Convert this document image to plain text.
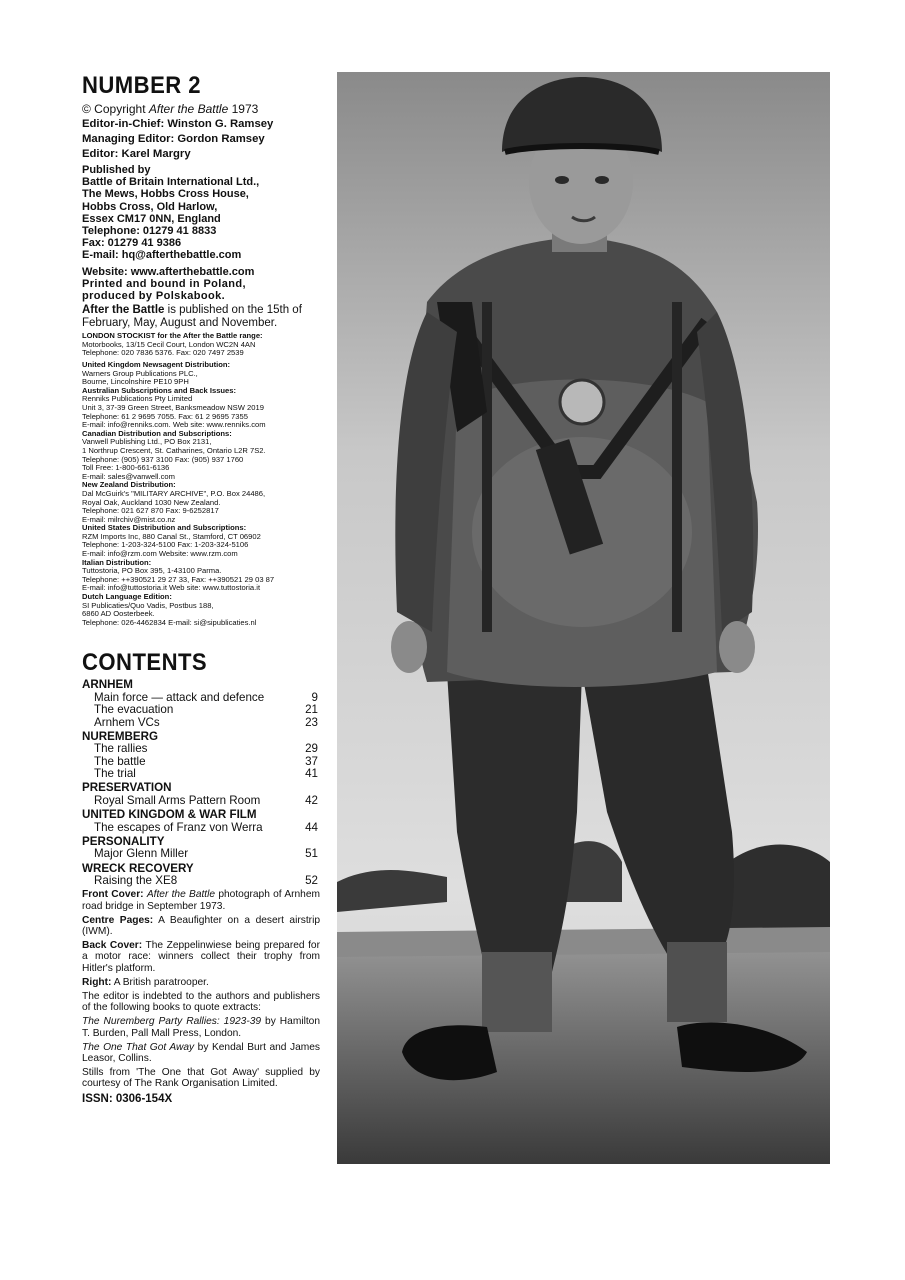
NUMBER 2

© Copyright After the Battle 1973

Editor-in-Chief: Winston G. Ramsey

Managing Editor: Gordon Ramsey

Editor: Karel Margry

Published by

Battle of Britain International Ltd.,

The Mews, Hobbs Cross House,

Hobbs Cross, Old Harlow,

Essex CM17 0NN, England

Telephone: 01279 41 8833

Fax: 01279 41 9386

E-mail: hq@afterthebattle.com

Website: www.afterthebattle.com

Printed and bound in Poland,

produced by Polskabook.

After the Battle is published on the 15th of February, May, August and November.

LONDON STOCKIST for the After the Battle range:
Motorbooks, 13/15 Cecil Court, London WC2N 4AN
Telephone: 020 7836 5376. Fax: 020 7497 2539
United Kingdom Newsagent Distribution:
Warners Group Publications PLC.,
Bourne, Lincolnshire PE10 9PH
Australian Subscriptions and Back Issues:
Renniks Publications Pty Limited
Unit 3, 37-39 Green Street, Banksmeadow NSW 2019
Telephone: 61 2 9695 7055. Fax: 61 2 9695 7355
E-mail: info@renniks.com. Web site: www.renniks.com
Canadian Distribution and Subscriptions:
Vanwell Publishing Ltd., PO Box 2131,
1 Northrup Crescent, St. Catharines, Ontario L2R 7S2.
Telephone: (905) 937 3100 Fax: (905) 937 1760
Toll Free: 1-800-661-6136
E-mail: sales@vanwell.com
New Zealand Distribution:
Dal McGuirk's "MILITARY ARCHIVE", P.O. Box 24486,
Royal Oak, Auckland 1030 New Zealand.
Telephone: 021 627 870 Fax: 9-6252817
E-mail: milrchiv@mist.co.nz
United States Distribution and Subscriptions:
RZM Imports Inc, 880 Canal St., Stamford, CT 06902
Telephone: 1-203-324-5100 Fax: 1-203-324-5106
E-mail: info@rzm.com Website: www.rzm.com
Italian Distribution:
Tuttostoria, PO Box 395, 1-43100 Parma.
Telephone: ++390521 29 27 33, Fax: ++390521 29 03 87
E-mail: info@tuttostoria.it Web site: www.tuttostoria.it
Dutch Language Edition:
SI Publicaties/Quo Vadis, Postbus 188,
6860 AD Oosterbeek.
Telephone: 026-4462834 E-mail: si@sipublicaties.nl
CONTENTS
ARNHEM
Main force — attack and defence	9
The evacuation	21
Arnhem VCs	23
NUREMBERG
The rallies	29
The battle	37
The trial	41
PRESERVATION
Royal Small Arms Pattern Room	42
UNITED KINGDOM & WAR FILM
The escapes of Franz von Werra	44
PERSONALITY
Major Glenn Miller	51
WRECK RECOVERY
Raising the XE8	52

Front Cover: After the Battle photograph of Arnhem road bridge in September 1973.

Centre Pages: A Beaufighter on a desert airstrip (IWM).

Back Cover: The Zeppelinwiese being prepared for a motor race: winners collect their trophy from Hitler's platform.

Right: A British paratrooper.

The editor is indebted to the authors and publishers of the following books to quote extracts:

The Nuremberg Party Rallies: 1923-39 by Hamilton T. Burden, Pall Mall Press, London.

The One That Got Away by Kendal Burt and James Leasor, Collins.

Stills from 'The One that Got Away' supplied by courtesy of The Rank Organisation Limited.

ISSN: 0306-154X
